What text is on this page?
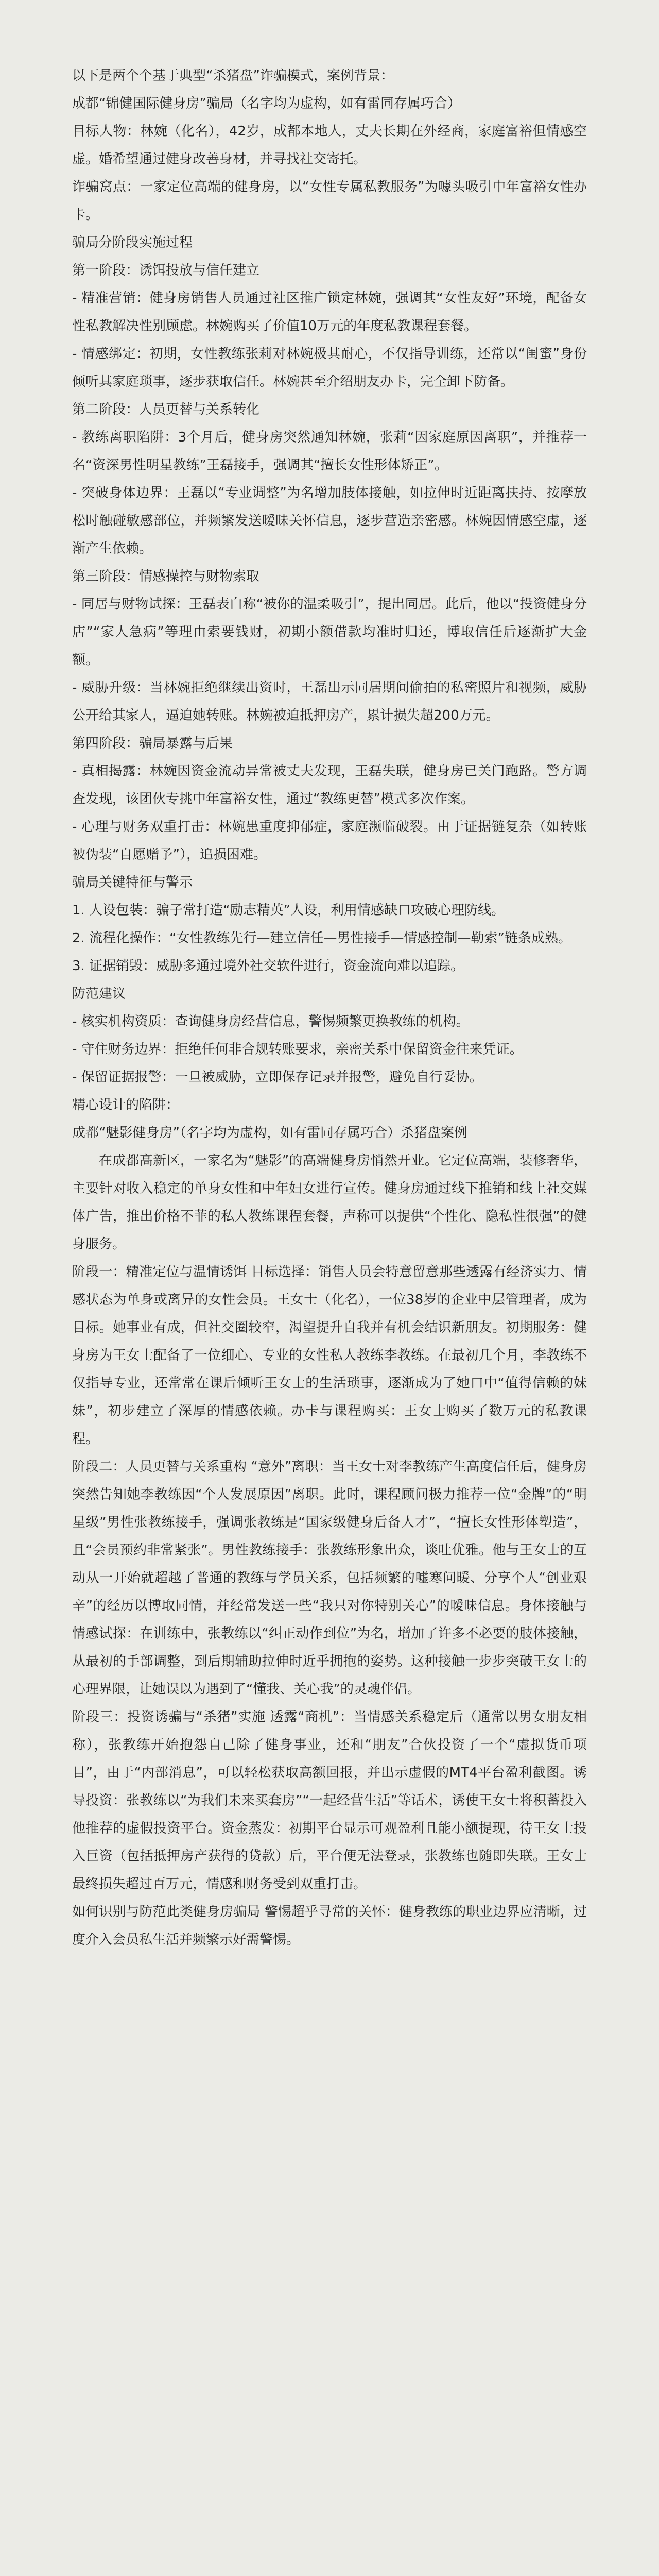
以下是两个个基于典型“杀猪盘”诈骗模式，案例背景：

成都“锦健国际健身房”骗局（名字均为虚构，如有雷同存属巧合）

目标人物：林婉（化名），42岁，成都本地人，丈夫长期在外经商，家庭富裕但情感空虚。婚希望通过健身改善身材，并寻找社交寄托。

诈骗窝点：一家定位高端的健身房，以“女性专属私教服务”为噱头吸引中年富裕女性办卡。

骗局分阶段实施过程

第一阶段：诱饵投放与信任建立

- 精准营销：健身房销售人员通过社区推广锁定林婉，强调其“女性友好”环境，配备女性私教解决性别顾虑。林婉购买了价值10万元的年度私教课程套餐。

- 情感绑定：初期，女性教练张莉对林婉极其耐心，不仅指导训练，还常以“闺蜜”身份倾听其家庭琐事，逐步获取信任。林婉甚至介绍朋友办卡，完全卸下防备。

第二阶段：人员更替与关系转化

- 教练离职陷阱：3个月后，健身房突然通知林婉，张莉“因家庭原因离职”，并推荐一名“资深男性明星教练”王磊接手，强调其“擅长女性形体矫正”。

- 突破身体边界：王磊以“专业调整”为名增加肢体接触，如拉伸时近距离扶持、按摩放松时触碰敏感部位，并频繁发送暧昧关怀信息，逐步营造亲密感。林婉因情感空虚，逐渐产生依赖。

第三阶段：情感操控与财物索取

- 同居与财物试探：王磊表白称“被你的温柔吸引”，提出同居。此后，他以“投资健身分店”“家人急病”等理由索要钱财，初期小额借款均准时归还，博取信任后逐渐扩大金额。

- 威胁升级：当林婉拒绝继续出资时，王磊出示同居期间偷拍的私密照片和视频，威胁公开给其家人，逼迫她转账。林婉被迫抵押房产，累计损失超200万元。

第四阶段：骗局暴露与后果

- 真相揭露：林婉因资金流动异常被丈夫发现，王磊失联，健身房已关门跑路。警方调查发现，该团伙专挑中年富裕女性，通过“教练更替”模式多次作案。

- 心理与财务双重打击：林婉患重度抑郁症，家庭濒临破裂。由于证据链复杂（如转账被伪装“自愿赠予”），追损困难。

骗局关键特征与警示

1. 人设包装：骗子常打造“励志精英”人设，利用情感缺口攻破心理防线。

2. 流程化操作：“女性教练先行—建立信任—男性接手—情感控制—勒索”链条成熟。

3. 证据销毁：威胁多通过境外社交软件进行，资金流向难以追踪。

防范建议

- 核实机构资质：查询健身房经营信息，警惕频繁更换教练的机构。

- 守住财务边界：拒绝任何非合规转账要求，亲密关系中保留资金往来凭证。

- 保留证据报警：一旦被威胁，立即保存记录并报警，避免自行妥协。

精心设计的陷阱：

成都“魅影健身房”（名字均为虚构，如有雷同存属巧合）杀猪盘案例

在成都高新区，一家名为“魅影”的高端健身房悄然开业。它定位高端，装修奢华，主要针对收入稳定的单身女性和中年妇女进行宣传。健身房通过线下推销和线上社交媒体广告，推出价格不菲的私人教练课程套餐，声称可以提供“个性化、隐私性很强”的健身服务。

阶段一：精准定位与温情诱饵 目标选择：销售人员会特意留意那些透露有经济实力、情感状态为单身或离异的女性会员。王女士（化名），一位38岁的企业中层管理者，成为目标。她事业有成，但社交圈较窄，渴望提升自我并有机会结识新朋友。初期服务：健身房为王女士配备了一位细心、专业的女性私人教练李教练。在最初几个月，李教练不仅指导专业，还常常在课后倾听王女士的生活琐事，逐渐成为了她口中“值得信赖的妹妹”，初步建立了深厚的情感依赖。办卡与课程购买：王女士购买了数万元的私教课程。

阶段二：人员更替与关系重构 “意外”离职：当王女士对李教练产生高度信任后，健身房突然告知她李教练因“个人发展原因”离职。此时，课程顾问极力推荐一位“金牌”的“明星级”男性张教练接手，强调张教练是“国家级健身后备人才”，“擅长女性形体塑造”，且“会员预约非常紧张”。男性教练接手：张教练形象出众，谈吐优雅。他与王女士的互动从一开始就超越了普通的教练与学员关系，包括频繁的嘘寒问暖、分享个人“创业艰辛”的经历以博取同情，并经常发送一些“我只对你特别关心”的暧昧信息。身体接触与情感试探：在训练中，张教练以“纠正动作到位”为名，增加了许多不必要的肢体接触，从最初的手部调整，到后期辅助拉伸时近乎拥抱的姿势。这种接触一步步突破王女士的心理界限，让她误以为遇到了“懂我、关心我”的灵魂伴侣。

阶段三：投资诱骗与“杀猪”实施 透露“商机”：当情感关系稳定后（通常以男女朋友相称），张教练开始抱怨自己除了健身事业，还和“朋友”合伙投资了一个“虚拟货币项目”，由于“内部消息”，可以轻松获取高额回报，并出示虚假的MT4平台盈利截图。诱导投资：张教练以“为我们未来买套房”“一起经营生活”等话术，诱使王女士将积蓄投入他推荐的虚假投资平台。资金蒸发：初期平台显示可观盈利且能小额提现，待王女士投入巨资（包括抵押房产获得的贷款）后，平台便无法登录，张教练也随即失联。王女士最终损失超过百万元，情感和财务受到双重打击。

如何识别与防范此类健身房骗局 警惕超乎寻常的关怀：健身教练的职业边界应清晰，过度介入会员私生活并频繁示好需警惕。
